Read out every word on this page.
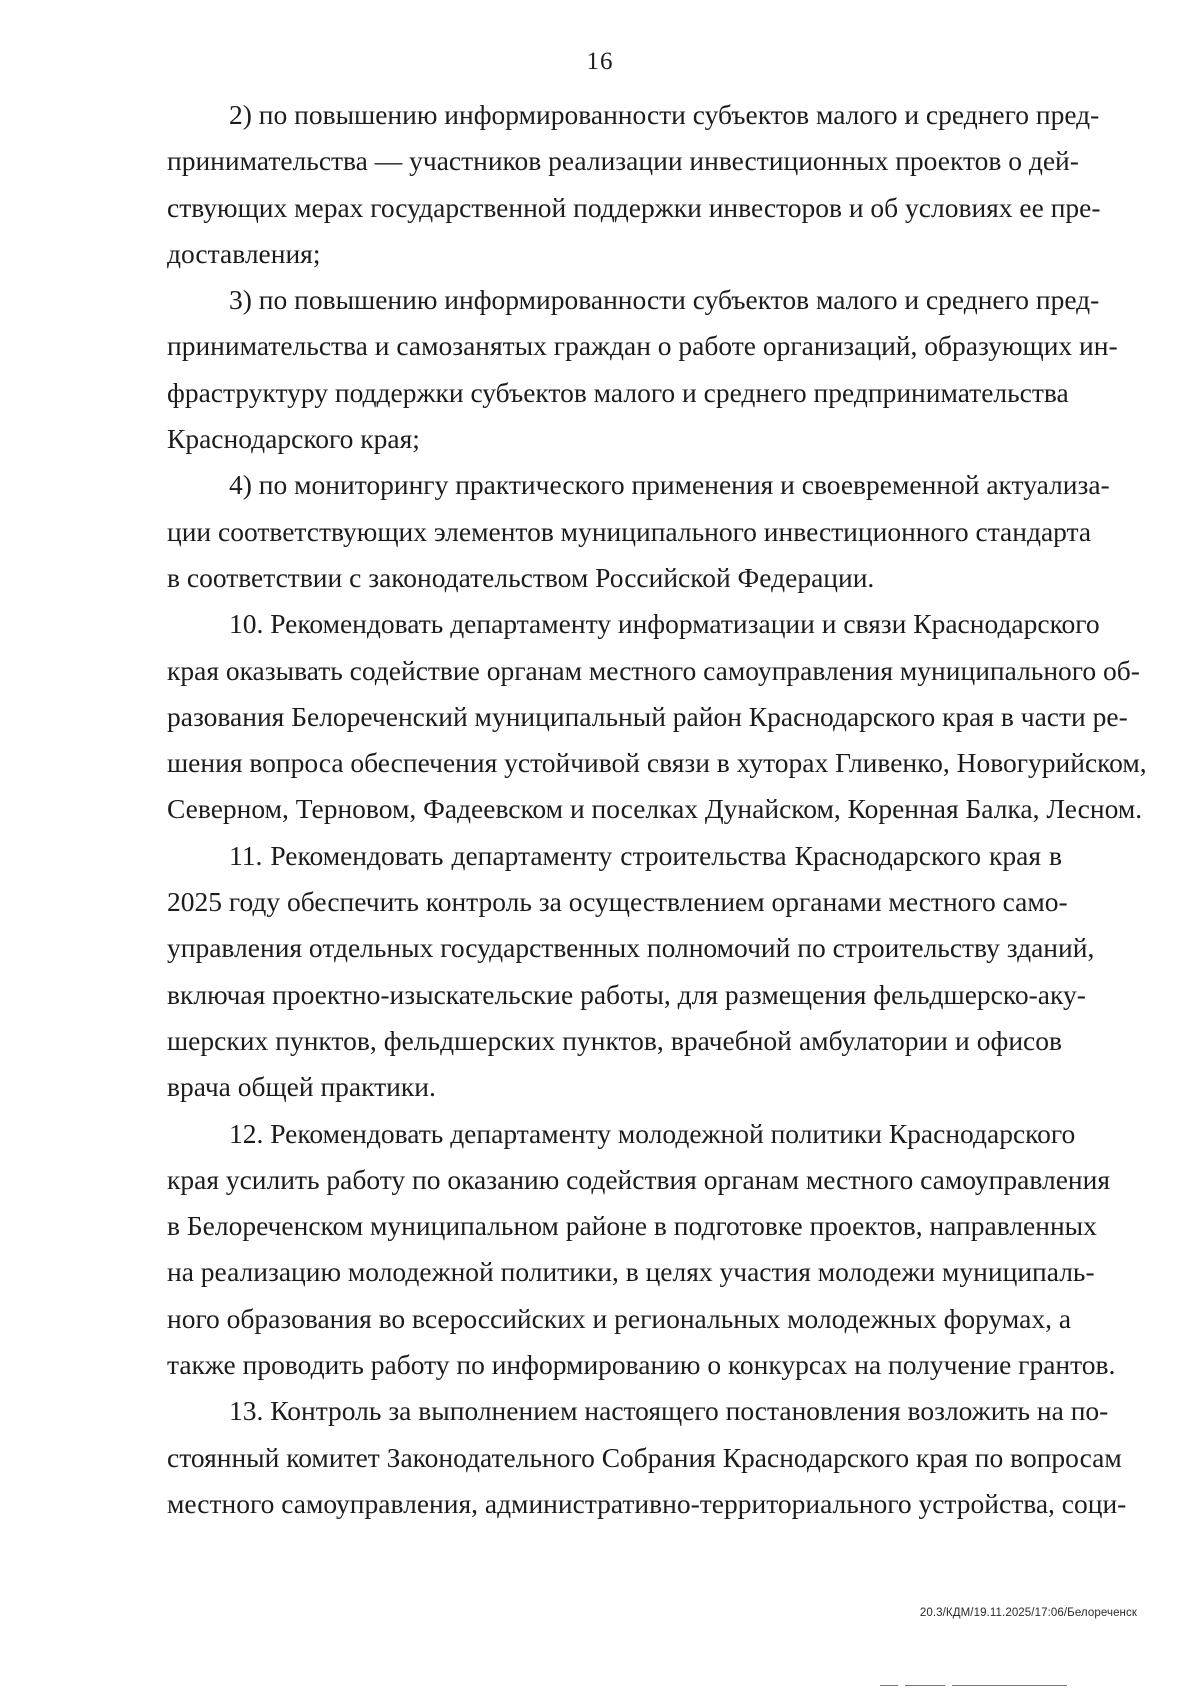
16

2) по повышению информированности субъектов малого и среднего пред-
принимательства — участников реализации инвестиционных проектов о дей-
ствующих мерах государственной поддержки инвесторов и об условиях ее пре-
доставления;

3) по повышению информированности субъектов малого и среднего пред-
принимательства и самозанятых граждан о работе организаций, образующих ин-
фраструктуру поддержки субъектов малого и среднего предпринимательства
Краснодарского края;

4) по мониторингу практического применения и своевременной актуализа-
ции соответствующих элементов муниципального инвестиционного стандарта
в соответствии с законодательством Российской Федерации.

10. Рекомендовать департаменту информатизации и связи Краснодарского
края оказывать содействие органам местного самоуправления муниципального об-
разования Белореченский муниципальный район Краснодарского края в части ре-
шения вопроса обеспечения устойчивой связи в хуторах Гливенко, Новогурийском,
Северном, Терновом, Фадеевском и поселках Дунайском, Коренная Балка, Лесном.

11. Рекомендовать департаменту строительства Краснодарского края в
2025 году обеспечить контроль за осуществлением органами местного само-
управления отдельных государственных полномочий по строительству зданий,
включая проектно-изыскательские работы, для размещения фельдшерско-аку-
шерских пунктов, фельдшерских пунктов, врачебной амбулатории и офисов
врача общей практики.

12. Рекомендовать департаменту молодежной политики Краснодарского
края усилить работу по оказанию содействия органам местного самоуправления
в Белореченском муниципальном районе в подготовке проектов, направленных
на реализацию молодежной политики, в целях участия молодежи муниципаль-
ного образования во всероссийских и региональных молодежных форумах, а
также проводить работу по информированию о конкурсах на получение грантов.

13. Контроль за выполнением настоящего постановления возложить на по-
стоянный комитет Законодательного Собрания Краснодарского края по вопросам
местного самоуправления, административно-территориального устройства, соци-

20.3/КДМ/19.11.2025/17:06/Белореченск
